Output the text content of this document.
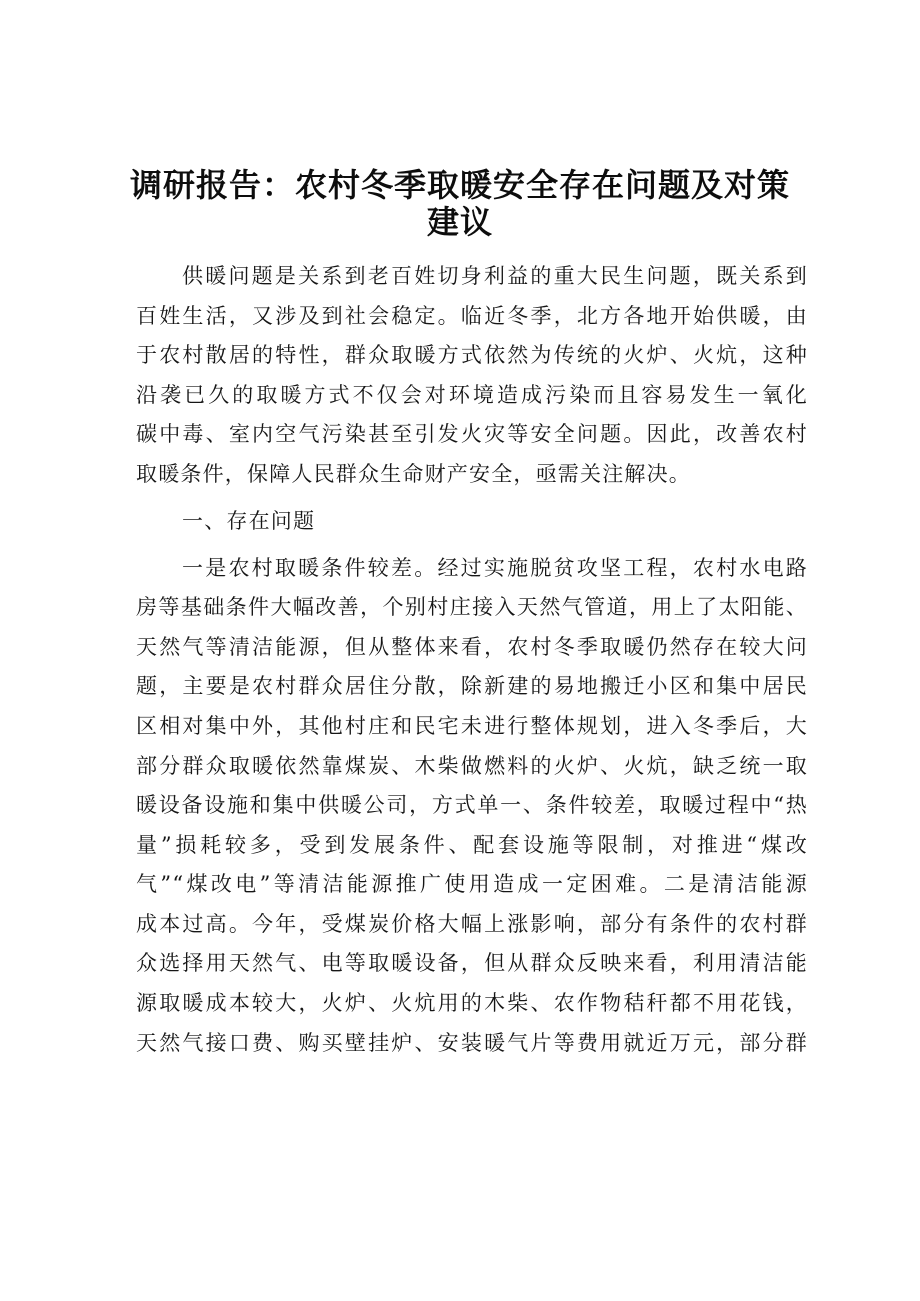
调研报告：农村冬季取暖安全存在问题及对策
建议
供暖问题是关系到老百姓切身利益的重大民生问题，既关系到
百姓生活，又涉及到社会稳定。临近冬季，北方各地开始供暖，由
于农村散居的特性，群众取暖方式依然为传统的火炉、火炕，这种
沿袭已久的取暖方式不仅会对环境造成污染而且容易发生一氧化
碳中毒、室内空气污染甚至引发火灾等安全问题。因此，改善农村
取暖条件，保障人民群众生命财产安全，亟需关注解决。
一、存在问题
一是农村取暖条件较差。经过实施脱贫攻坚工程，农村水电路
房等基础条件大幅改善，个别村庄接入天然气管道，用上了太阳能、
天然气等清洁能源，但从整体来看，农村冬季取暖仍然存在较大问
题，主要是农村群众居住分散，除新建的易地搬迁小区和集中居民
区相对集中外，其他村庄和民宅未进行整体规划，进入冬季后，大
部分群众取暖依然靠煤炭、木柴做燃料的火炉、火炕，缺乏统一取
暖设备设施和集中供暖公司，方式单一、条件较差，取暖过程中“热
量”损耗较多，受到发展条件、配套设施等限制，对推进“煤改
气”“煤改电”等清洁能源推广使用造成一定困难。二是清洁能源
成本过高。今年，受煤炭价格大幅上涨影响，部分有条件的农村群
众选择用天然气、电等取暖设备，但从群众反映来看，利用清洁能
源取暖成本较大，火炉、火炕用的木柴、农作物秸秆都不用花钱，
天然气接口费、购买壁挂炉、安装暖气片等费用就近万元，部分群
